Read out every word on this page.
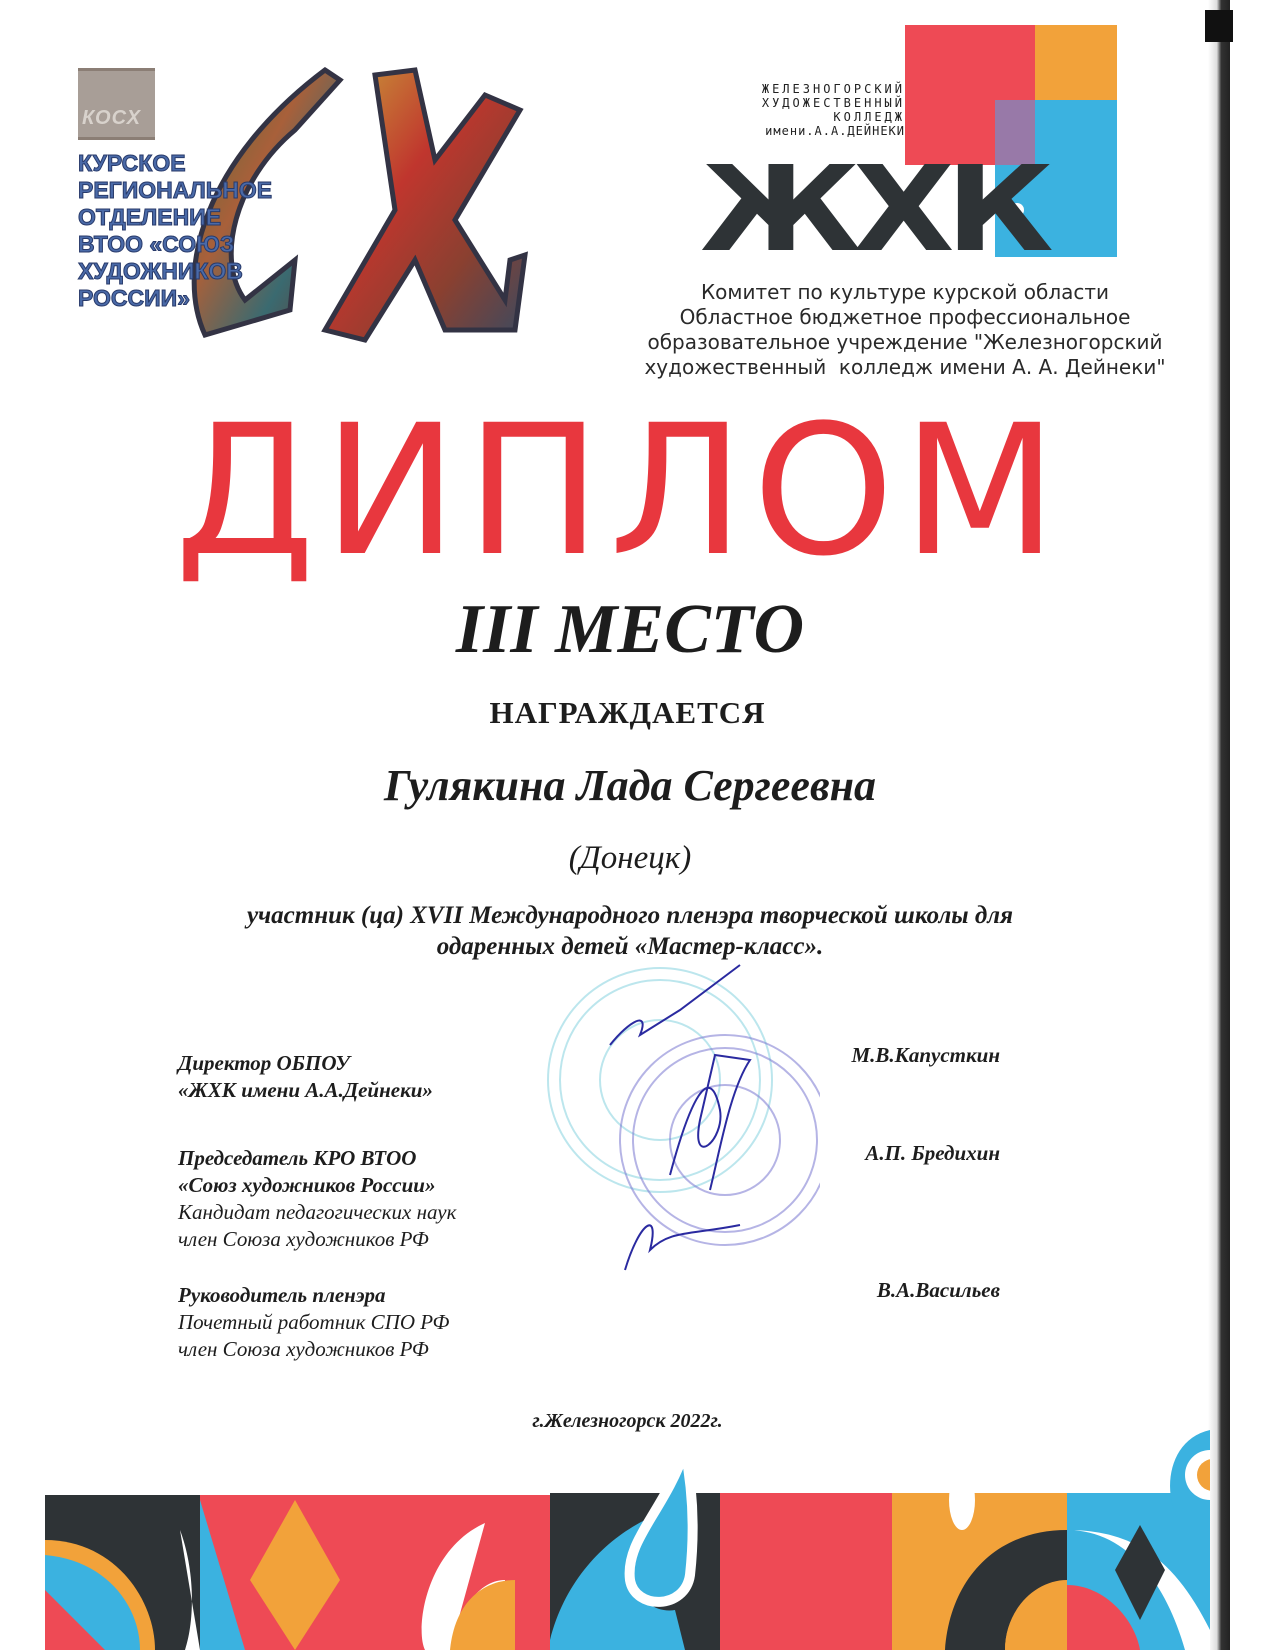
КОСХ
КУРСКОЕ
РЕГИОНАЛЬНОЕ
ОТДЕЛЕНИЕ
ВТОО «СОЮЗ
ХУДОЖНИКОВ
РОССИИ»
ЖЕЛЕЗНОГОРСКИЙ
ХУДОЖЕСТВЕННЫЙ
КОЛЛЕДЖ
имени.А.А.ДЕЙНЕКИ
ЖХК
Комитет по культуре курской области
Областное бюджетное профессиональное
образовательное учреждение "Железногорский
художественный  колледж имени А. А. Дейнеки"
ДИПЛОМ
III МЕСТО
НАГРАЖДАЕТСЯ
Гулякина Лада Сергеевна
(Донецк)
участник (ца) XVII Международного пленэра творческой школы для
одаренных детей «Мастер-класс».
Директор ОБПОУ
«ЖХК имени А.А.Дейнеки»
М.В.Капусткин
Председатель КРО ВТОО
«Союз художников России»
Кандидат педагогических наук
член Союза художников РФ
А.П. Бредихин
Руководитель пленэра
Почетный работник СПО РФ
член Союза художников РФ
В.А.Васильев
г.Железногорск 2022г.
